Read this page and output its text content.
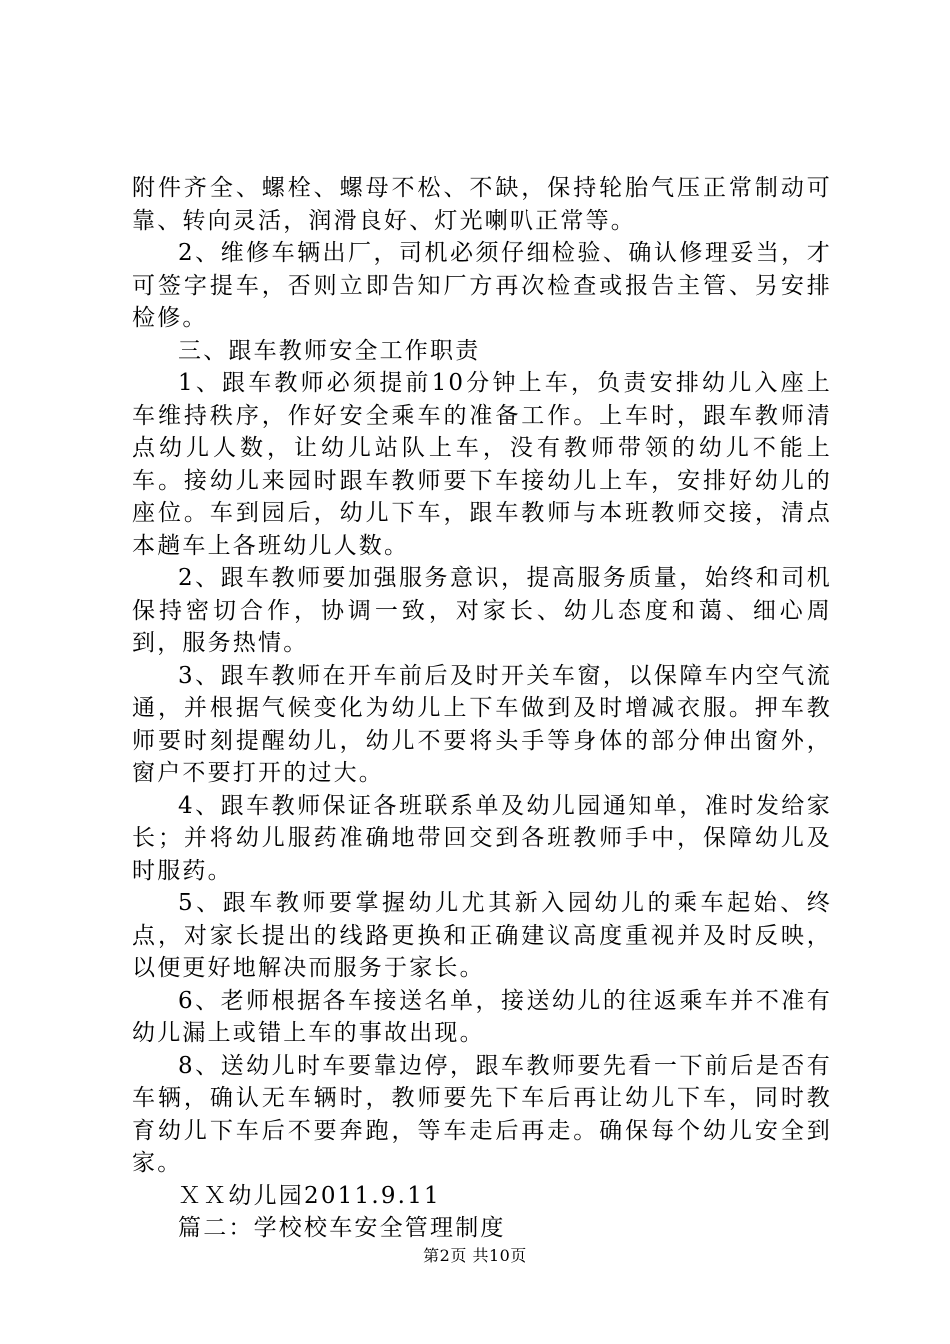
附件齐全、螺栓、螺母不松、不缺，保持轮胎气压正常制动可靠、转向灵活，润滑良好、灯光喇叭正常等。

2、维修车辆出厂，司机必须仔细检验、确认修理妥当，才可签字提车，否则立即告知厂方再次检查或报告主管、另安排检修。

三、跟车教师安全工作职责

1、跟车教师必须提前10分钟上车，负责安排幼儿入座上车维持秩序，作好安全乘车的准备工作。上车时，跟车教师清点幼儿人数，让幼儿站队上车，没有教师带领的幼儿不能上车。接幼儿来园时跟车教师要下车接幼儿上车，安排好幼儿的座位。车到园后，幼儿下车，跟车教师与本班教师交接，清点本趟车上各班幼儿人数。

2、跟车教师要加强服务意识，提高服务质量，始终和司机保持密切合作，协调一致，对家长、幼儿态度和蔼、细心周到，服务热情。

3、跟车教师在开车前后及时开关车窗，以保障车内空气流通，并根据气候变化为幼儿上下车做到及时增减衣服。押车教师要时刻提醒幼儿，幼儿不要将头手等身体的部分伸出窗外，窗户不要打开的过大。

4、跟车教师保证各班联系单及幼儿园通知单，准时发给家长；并将幼儿服药准确地带回交到各班教师手中，保障幼儿及时服药。

5、跟车教师要掌握幼儿尤其新入园幼儿的乘车起始、终点，对家长提出的线路更换和正确建议高度重视并及时反映，以便更好地解决而服务于家长。

6、老师根据各车接送名单，接送幼儿的往返乘车并不准有幼儿漏上或错上车的事故出现。

8、送幼儿时车要靠边停，跟车教师要先看一下前后是否有车辆，确认无车辆时，教师要先下车后再让幼儿下车，同时教育幼儿下车后不要奔跑，等车走后再走。确保每个幼儿安全到家。

ＸＸ幼儿园2011.9.11

篇二：学校校车安全管理制度

第2页 共10页
